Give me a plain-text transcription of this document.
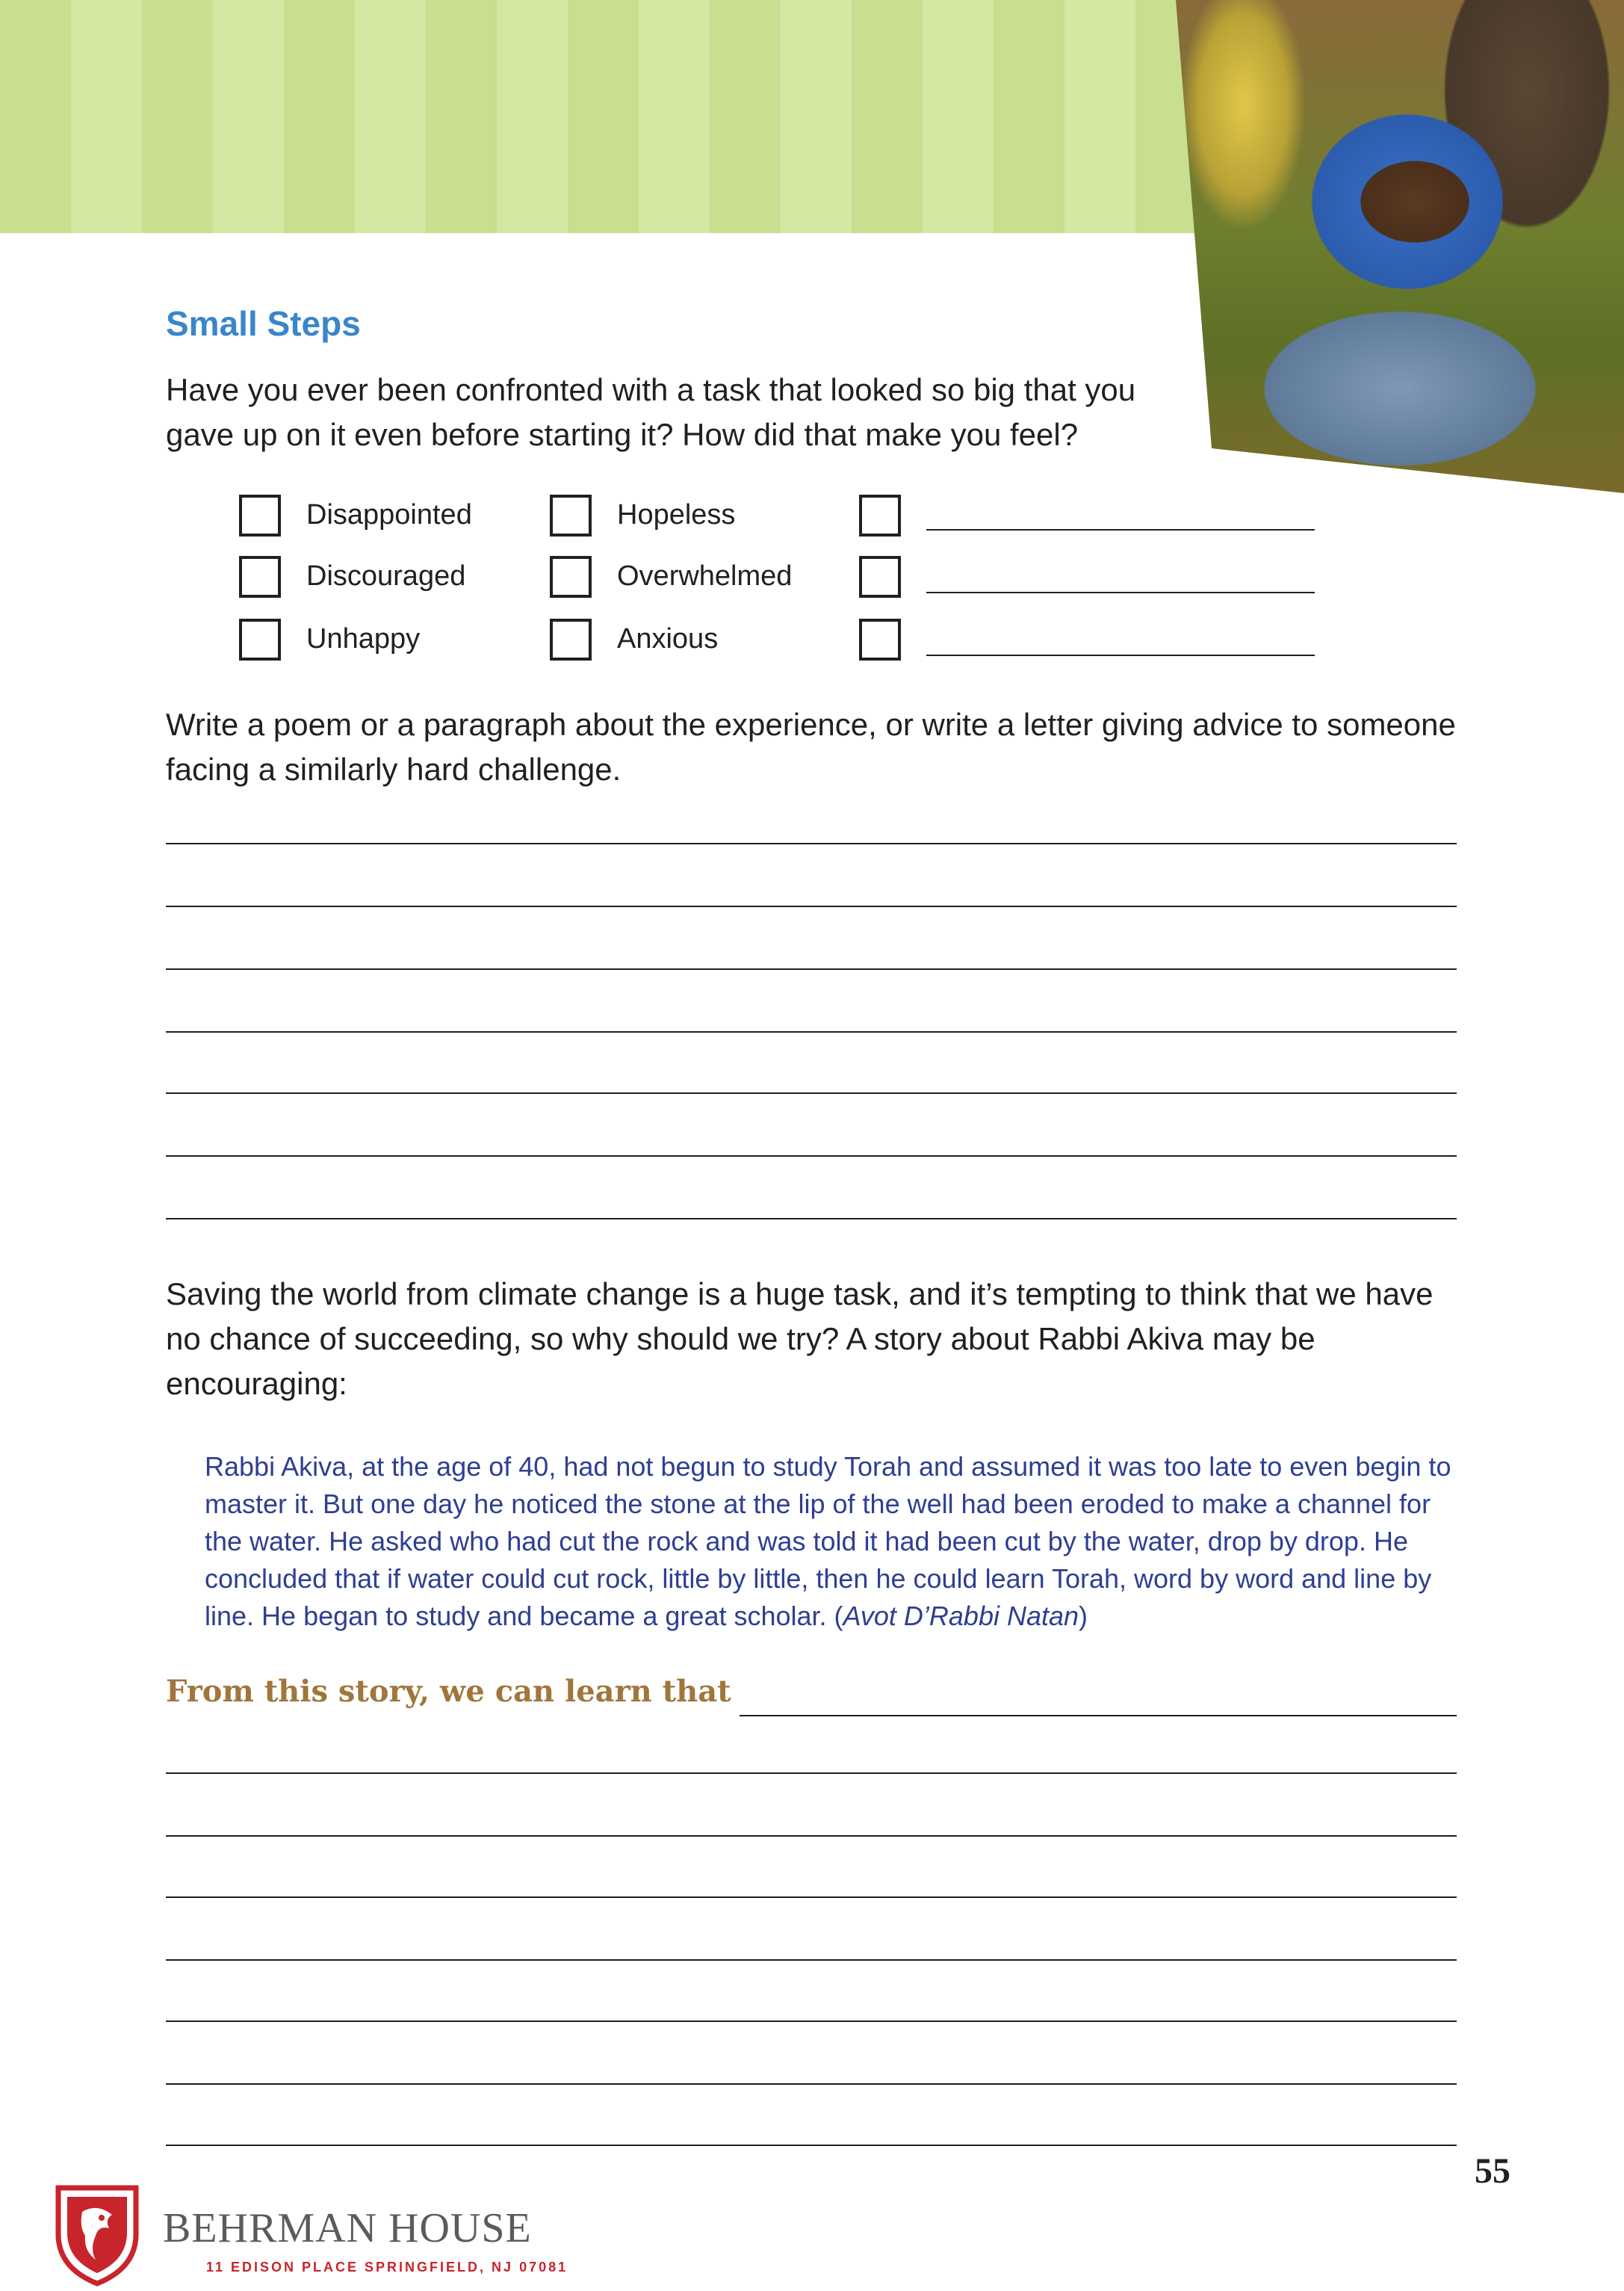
Small Steps

Have you ever been confronted with a task that looked so big that you gave up on it even before starting it? How did that make you feel?

Disappointed
Discouraged
Unhappy
Hopeless
Overwhelmed
Anxious

Write a poem or a paragraph about the experience, or write a letter giving advice to someone facing a similarly hard challenge.

Saving the world from climate change is a huge task, and it’s tempting to think that we have no chance of succeeding, so why should we try? A story about Rabbi Akiva may be encouraging:

Rabbi Akiva, at the age of 40, had not begun to study Torah and assumed it was too late to even begin to master it. But one day he noticed the stone at the lip of the well had been eroded to make a channel for the water. He asked who had cut the rock and was told it had been cut by the water, drop by drop. He concluded that if water could cut rock, little by little, then he could learn Torah, word by word and line by line. He began to study and became a great scholar. (Avot D’Rabbi Natan)

From this story, we can learn that
55
BEHRMAN HOUSE
11 EDISON PLACE SPRINGFIELD, NJ 07081
